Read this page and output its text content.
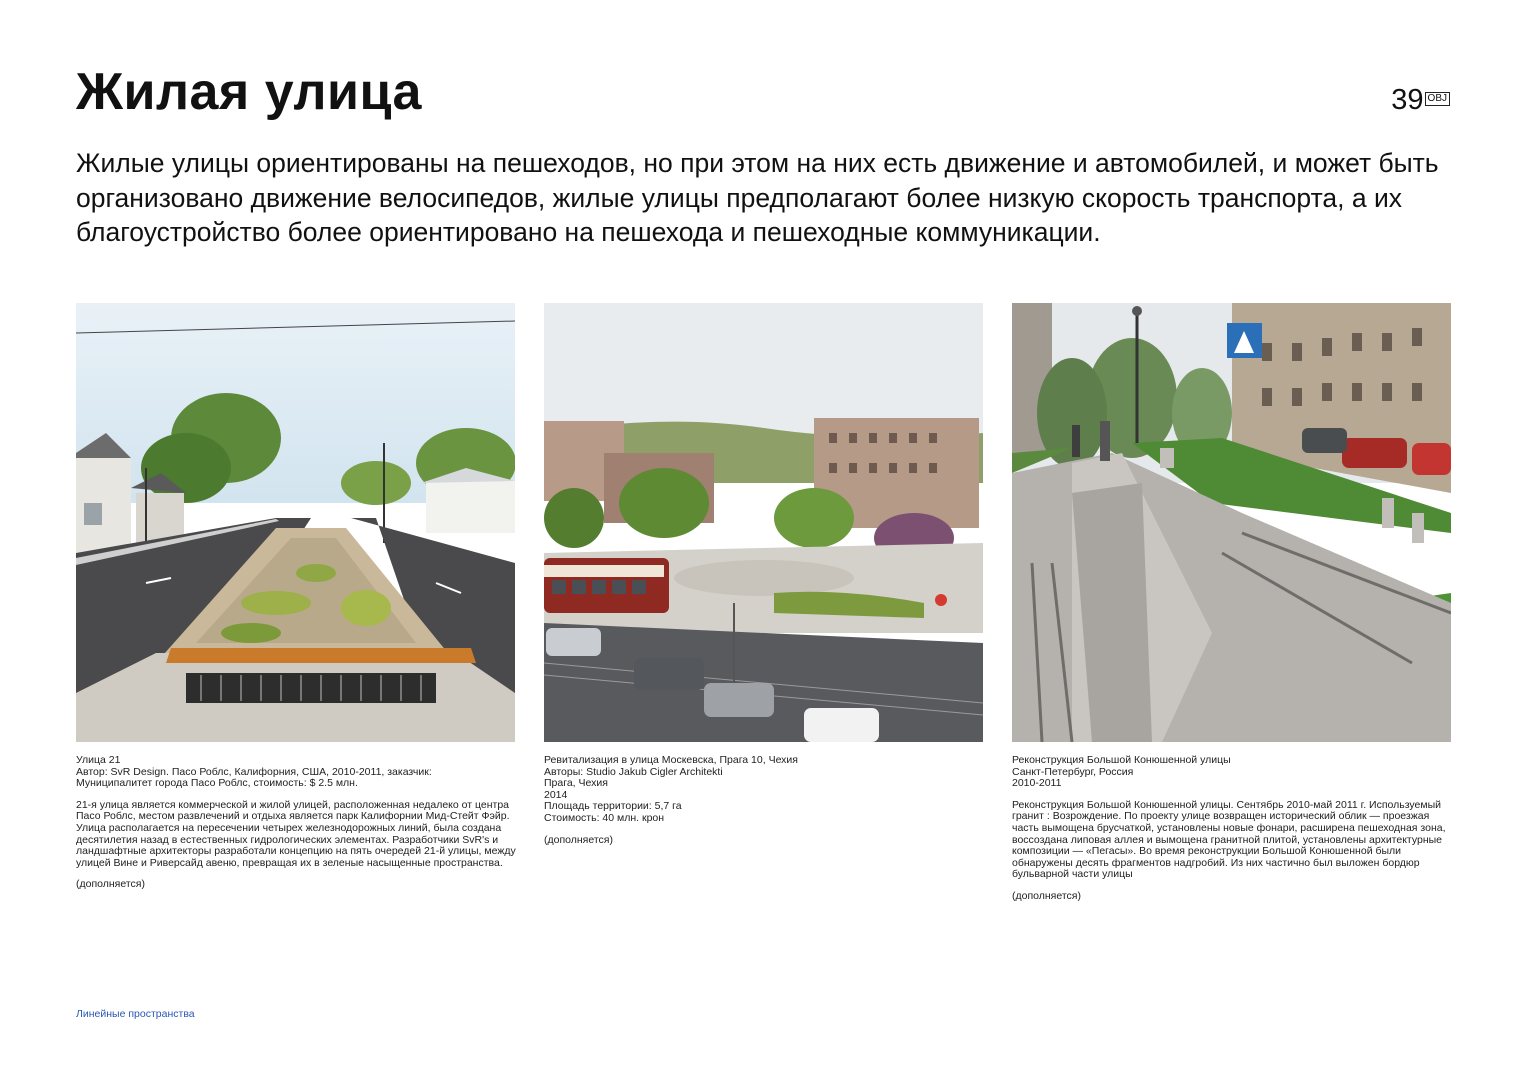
Жилая улица	39 OBJ

Жилые улицы ориентированы на пешеходов, но при этом на них есть движение и автомобилей, и может быть организовано движение велосипедов, жилые улицы предполагают более низкую скорость транспорта, а их благоустройство более ориентировано на пешехода и пешеходные коммуникации.

Улица 21

Автор: SvR Design. Пасо Роблс, Калифорния, США, 2010-2011, заказчик:

Муниципалитет города Пасо Роблс, стоимость: $ 2.5 млн.

21-я улица является коммерческой и жилой улицей, расположенная недалеко от центра Пасо Роблс, местом развлечений и отдыха является парк Калифорнии Мид-Стейт Фэйр. Улица располагается на пересечении четырех железнодорожных линий, была создана десятилетия назад в естественных гидрологических элементах. Разработчики SvR's и ландшафтные архитекторы разработали концепцию на пять очередей 21-й улицы, между улицей Вине и Риверсайд авеню, превращая их в зеленые насыщенные пространства.

(дополняется)

Ревитализация в улица Москевска, Прага 10, Чехия

Авторы: Studio Jakub Cigler Architekti

Прага, Чехия

2014

Площадь территории: 5,7 га

Стоимость: 40 млн. крон

(дополняется)

Реконструкция Большой Конюшенной улицы

Санкт-Петербург, Россия

2010-2011

Реконструкция Большой Конюшенной улицы. Сентябрь 2010-май 2011 г. Используемый гранит : Возрождение. По проекту улице возвращен исторический облик — проезжая часть вымощена брусчаткой, установлены новые фонари, расширена пешеходная зона, воссоздана липовая аллея и вымощена гранитной плитой, установлены архитектурные композиции — «Пегасы». Во время реконструкции Большой Конюшенной были обнаружены десять фрагментов надгробий. Из них частично был выложен бордюр бульварной части улицы

(дополняется)

Линейные пространства
